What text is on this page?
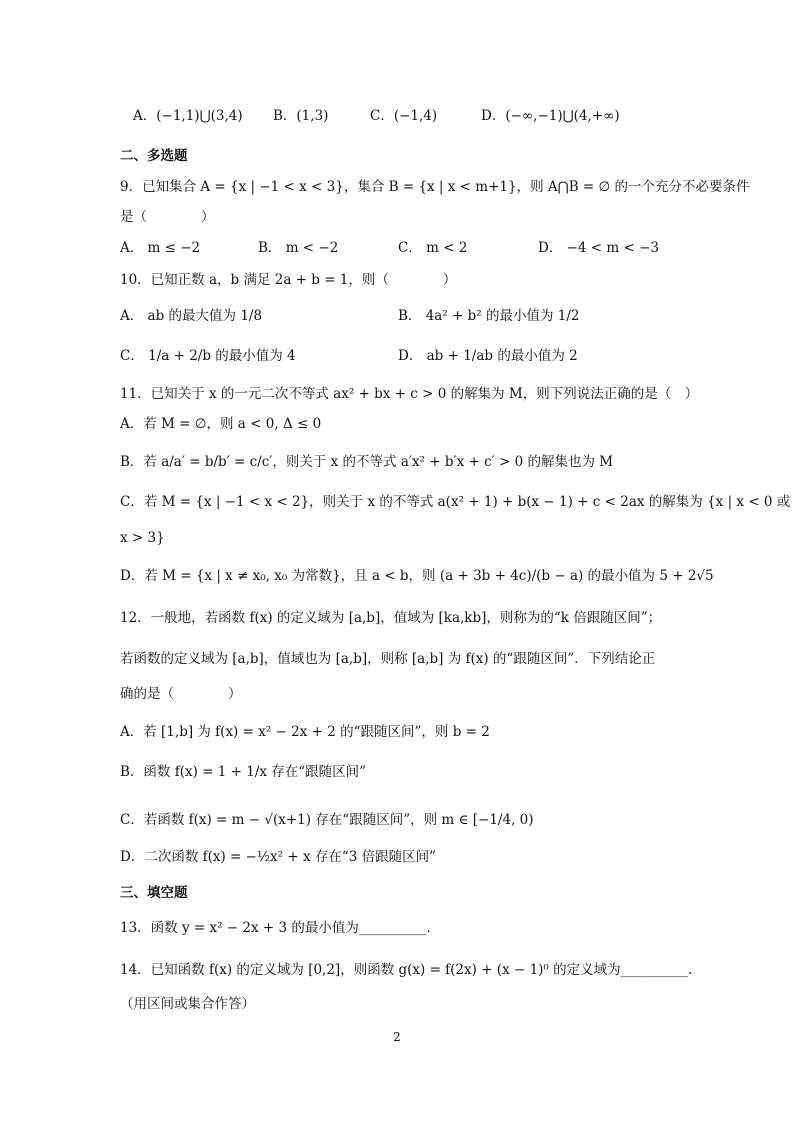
A．(−1,1)⋃(3,4) B．(1,3)	C．(−1,4)	D．(−∞,−1)⋃(4,+∞)
二、多选题
9．已知集合 A = {x | −1 < x < 3}，集合 B = {x | x < m+1}，则 A⋂B = ∅ 的一个充分不必要条件
是（　　　　）
A． m ≤ −2	B． m < −2	C． m < 2	D． −4 < m < −3
10．已知正数 a，b 满足 2a + b = 1，则（　　　　）
A． ab 的最大值为 1/8	B． 4a² + b² 的最小值为 1/2
C． 1/a + 2/b 的最小值为 4	D． ab + 1/ab 的最小值为 2
11．已知关于 x 的一元二次不等式 ax² + bx + c > 0 的解集为 M，则下列说法正确的是（　）
A．若 M = ∅，则 a < 0, Δ ≤ 0
B．若 a/a′ = b/b′ = c/c′，则关于 x 的不等式 a′x² + b′x + c′ > 0 的解集也为 M
C．若 M = {x | −1 < x < 2}，则关于 x 的不等式 a(x² + 1) + b(x − 1) + c < 2ax 的解集为 {x | x < 0 或
x > 3}
D．若 M = {x | x ≠ x₀, x₀ 为常数}，且 a < b，则 (a + 3b + 4c)/(b − a) 的最小值为 5 + 2√5
12．一般地，若函数 f(x) 的定义域为 [a,b]，值域为 [ka,kb]，则称为的“k 倍跟随区间”；
若函数的定义域为 [a,b]，值域也为 [a,b]，则称 [a,b] 为 f(x) 的“跟随区间”．下列结论正
确的是（　　　　）
A．若 [1,b] 为 f(x) = x² − 2x + 2 的“跟随区间”，则 b = 2
B．函数 f(x) = 1 + 1/x 存在“跟随区间”
C．若函数 f(x) = m − √(x+1) 存在“跟随区间”，则 m ∈ [−1/4, 0)
D．二次函数 f(x) = −½x² + x 存在“3 倍跟随区间”
三、填空题
13．函数 y = x² − 2x + 3 的最小值为__________．
14．已知函数 f(x) 的定义域为 [0,2]，则函数 g(x) = f(2x) + (x − 1)⁰ 的定义域为__________．
（用区间或集合作答）
2
